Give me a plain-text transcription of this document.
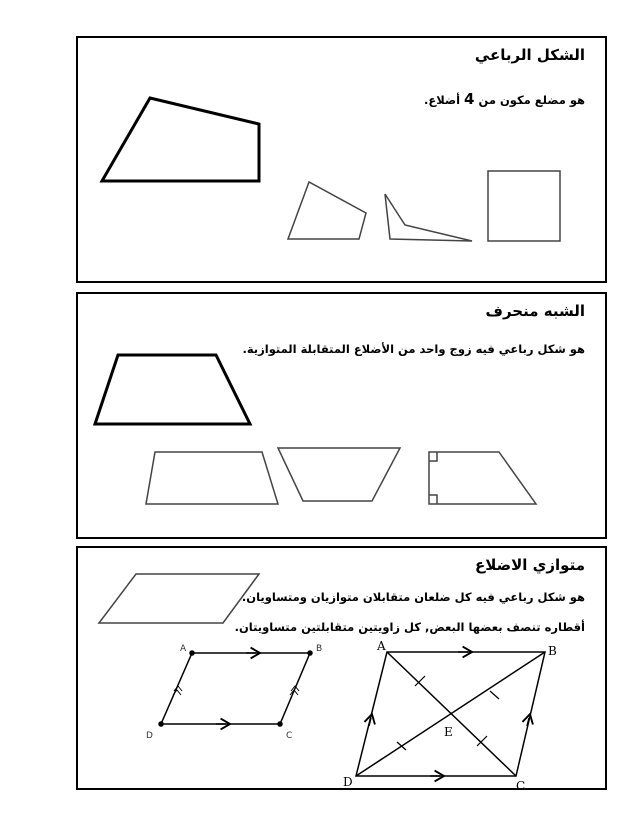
الشكل الرباعي
هو مضلع مكون من 4 أضلاع.
الشبه منحرف
هو شكل رباعي فيه زوج واحد من الأضلاع المتقابلة المتوازية.
متوازي الاضلاع
هو شكل رباعي فيه كل ضلعان متقابلان متوازيان ومتساويان.
أقطاره تنصف بعضها البعض, كل زاويتين متقابلتين متساويتان.
A	B
C
D
A	B
C
D
E
